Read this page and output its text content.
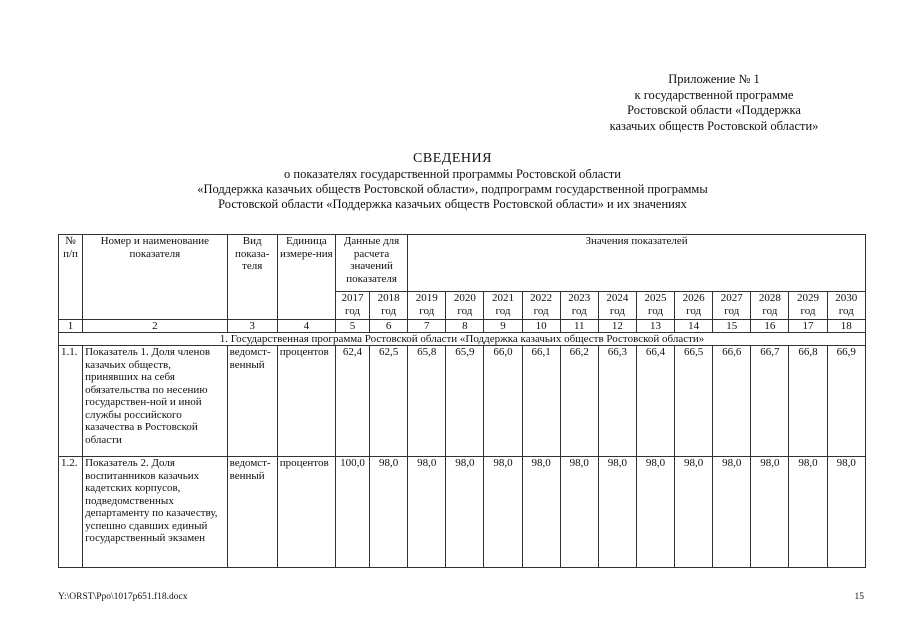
Приложение № 1
к государственной программе
Ростовской области «Поддержка
казачьих обществ Ростовской области»
СВЕДЕНИЯ
о показателях государственной программы Ростовской области
«Поддержка казачьих обществ Ростовской области», подпрограмм государственной программы
Ростовской области «Поддержка казачьих обществ Ростовской области» и их значениях
№ п/п	Номер и наименование показателя	Вид показа-теля	Единица измере-ния	Данные для расчета значений показателя		Значения показателей											
				2017 год	2018 год	2019 год	2020 год	2021 год	2022 год	2023 год	2024 год	2025 год	2026 год	2027 год	2028 год	2029 год	2030 год
1	2	3	4	5	6	7	8	9	10	11	12	13	14	15	16	17	18
1. Государственная программа Ростовской области «Поддержка казачьих обществ Ростовской области»																	
1.1.	Показатель 1. Доля членов казачьих обществ, принявших на себя обязательства по несению государствен-ной и иной службы российского казачества в Ростовской области	ведомст-венный	процентов	62,4	62,5	65,8	65,9	66,0	66,1	66,2	66,3	66,4	66,5	66,6	66,7	66,8	66,9
1.2.	Показатель 2. Доля воспитанников казачьих кадетских корпусов, подведомственных департаменту по казачеству, успешно сдавших единый государственный экзамен	ведомст-венный	процентов	100,0	98,0	98,0	98,0	98,0	98,0	98,0	98,0	98,0	98,0	98,0	98,0	98,0	98,0
Y:\ORST\Ppo\1017p651.f18.docx	15
